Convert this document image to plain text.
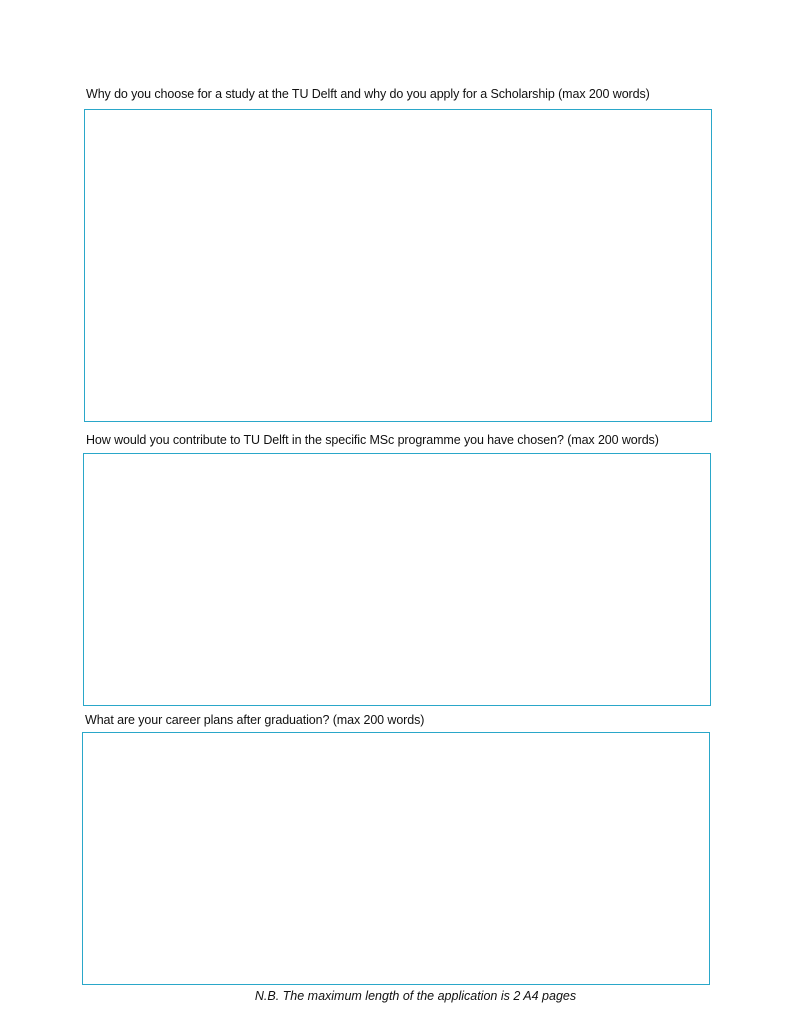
Why do you choose for a study at the TU Delft and why do you apply for a Scholarship (max 200 words)
How would you contribute to TU Delft in the specific MSc programme you have chosen? (max 200 words)
What are your career plans after graduation? (max 200 words)
N.B. The maximum length of the application is 2 A4 pages
